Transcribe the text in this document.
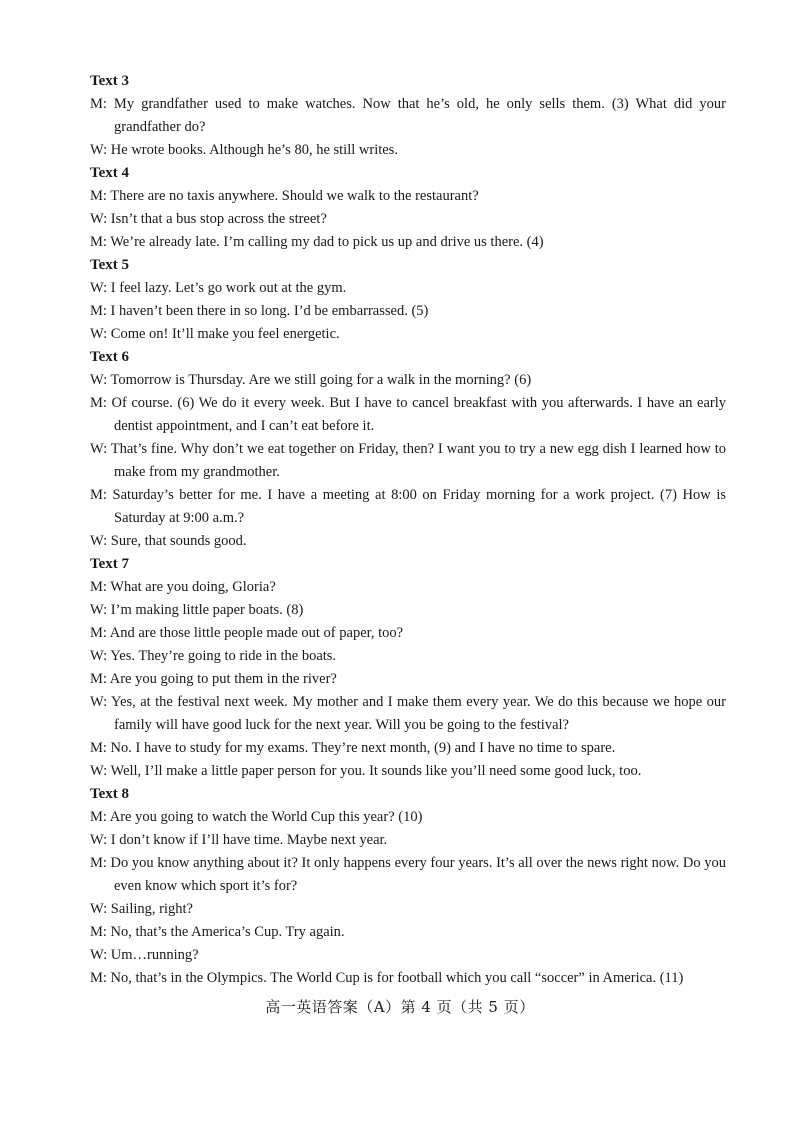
Text 3
M: My grandfather used to make watches. Now that he’s old, he only sells them. (3) What did your grandfather do?
W: He wrote books. Although he’s 80, he still writes.
Text 4
M: There are no taxis anywhere. Should we walk to the restaurant?
W: Isn’t that a bus stop across the street?
M: We’re already late. I’m calling my dad to pick us up and drive us there. (4)
Text 5
W: I feel lazy. Let’s go work out at the gym.
M: I haven’t been there in so long. I’d be embarrassed. (5)
W: Come on! It’ll make you feel energetic.
Text 6
W: Tomorrow is Thursday. Are we still going for a walk in the morning? (6)
M: Of course. (6) We do it every week. But I have to cancel breakfast with you afterwards. I have an early dentist appointment, and I can’t eat before it.
W: That’s fine. Why don’t we eat together on Friday, then? I want you to try a new egg dish I learned how to make from my grandmother.
M: Saturday’s better for me. I have a meeting at 8:00 on Friday morning for a work project. (7) How is Saturday at 9:00 a.m.?
W: Sure, that sounds good.
Text 7
M: What are you doing, Gloria?
W: I’m making little paper boats. (8)
M: And are those little people made out of paper, too?
W: Yes. They’re going to ride in the boats.
M: Are you going to put them in the river?
W: Yes, at the festival next week. My mother and I make them every year. We do this because we hope our family will have good luck for the next year. Will you be going to the festival?
M: No. I have to study for my exams. They’re next month, (9) and I have no time to spare.
W: Well, I’ll make a little paper person for you. It sounds like you’ll need some good luck, too.
Text 8
M: Are you going to watch the World Cup this year? (10)
W: I don’t know if I’ll have time. Maybe next year.
M: Do you know anything about it? It only happens every four years. It’s all over the news right now. Do you even know which sport it’s for?
W: Sailing, right?
M: No, that’s the America’s Cup. Try again.
W: Um…running?
M: No, that’s in the Olympics. The World Cup is for football which you call “soccer” in America. (11)
高一英语答案（A）第 4 页（共 5 页）
